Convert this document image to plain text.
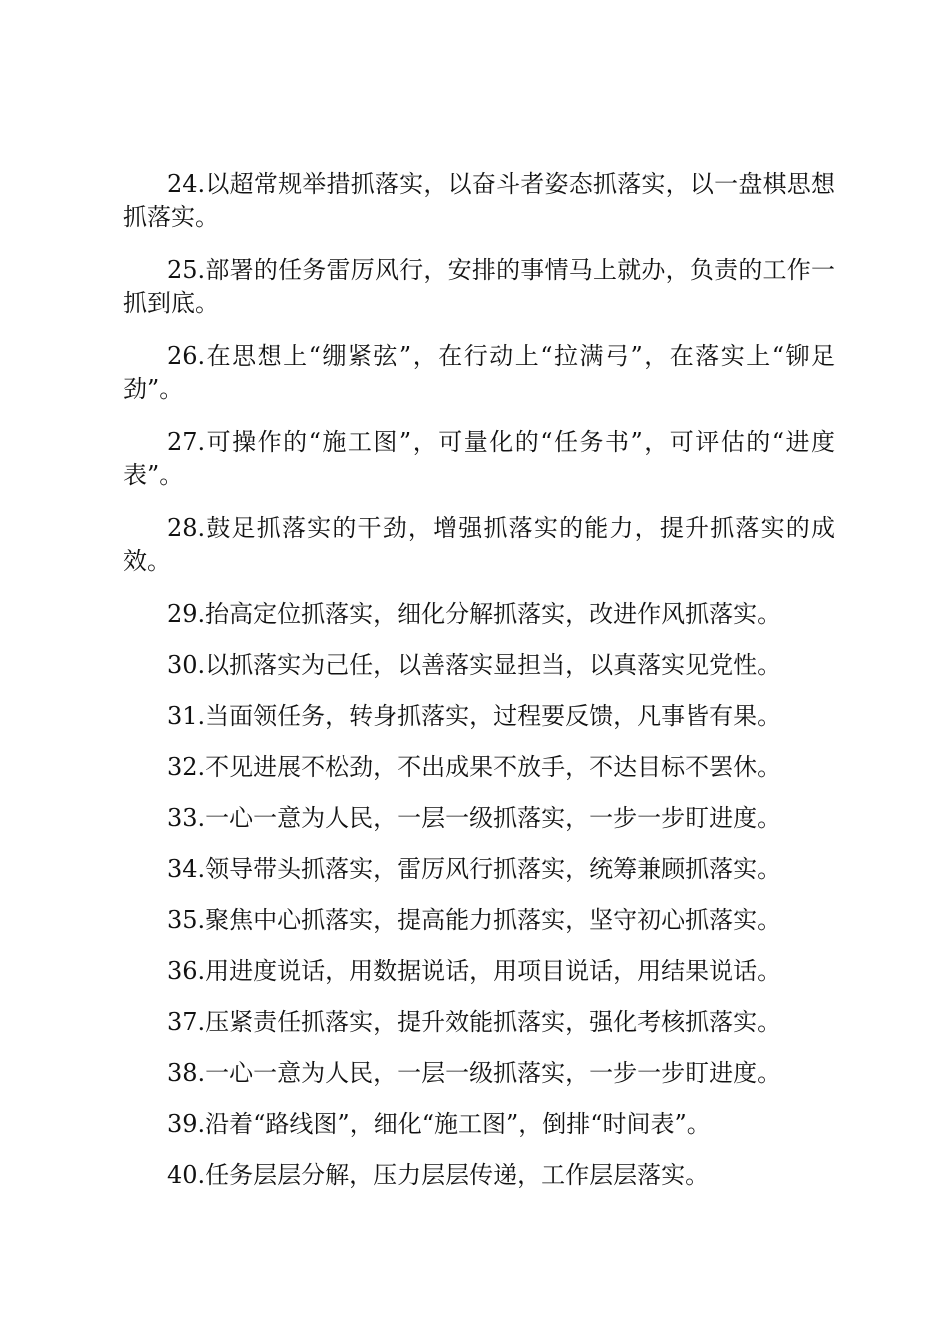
24.以超常规举措抓落实，以奋斗者姿态抓落实，以一盘棋思想抓落实。

25.部署的任务雷厉风行，安排的事情马上就办，负责的工作一抓到底。

26.在思想上“绷紧弦”，在行动上“拉满弓”，在落实上“铆足劲”。

27.可操作的“施工图”，可量化的“任务书”，可评估的“进度表”。

28.鼓足抓落实的干劲，增强抓落实的能力，提升抓落实的成效。

29.抬高定位抓落实，细化分解抓落实，改进作风抓落实。

30.以抓落实为己任，以善落实显担当，以真落实见党性。

31.当面领任务，转身抓落实，过程要反馈，凡事皆有果。

32.不见进展不松劲，不出成果不放手，不达目标不罢休。

33.一心一意为人民，一层一级抓落实，一步一步盯进度。

34.领导带头抓落实，雷厉风行抓落实，统筹兼顾抓落实。

35.聚焦中心抓落实，提高能力抓落实，坚守初心抓落实。

36.用进度说话，用数据说话，用项目说话，用结果说话。

37.压紧责任抓落实，提升效能抓落实，强化考核抓落实。

38.一心一意为人民，一层一级抓落实，一步一步盯进度。

39.沿着“路线图”，细化“施工图”，倒排“时间表”。

40.任务层层分解，压力层层传递，工作层层落实。
